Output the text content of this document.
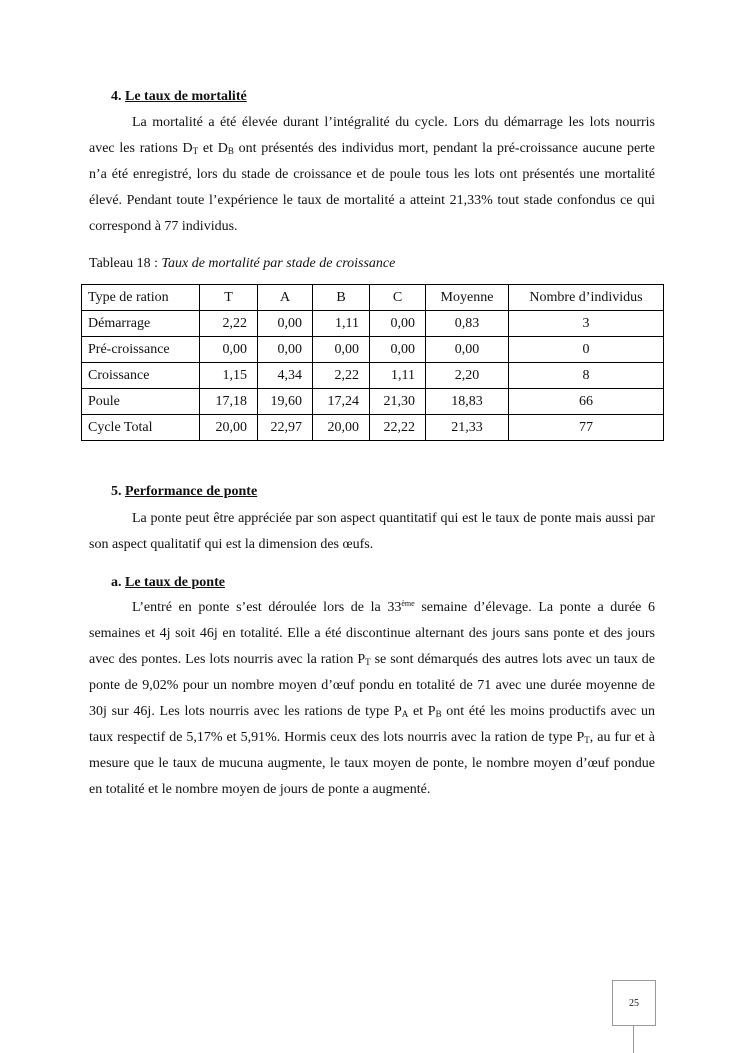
4. Le taux de mortalité
La mortalité a été élevée durant l’intégralité du cycle. Lors du démarrage les lots nourris avec les rations $D_T$ et $D_B$ ont présentés des individus mort, pendant la pré-croissance aucune perte n’a été enregistré, lors du stade de croissance et de poule tous les lots ont présentés une mortalité élevé. Pendant toute l’expérience le taux de mortalité a atteint 21,33% tout stade confondus ce qui correspond à 77 individus.
Tableau 18 : Taux de mortalité par stade de croissance
Type de ration	T	A	B	C	Moyenne	Nombre d’individus
Démarrage	2,22	0,00	1,11	0,00	0,83	3
Pré-croissance	0,00	0,00	0,00	0,00	0,00	0
Croissance	1,15	4,34	2,22	1,11	2,20	8
Poule	17,18	19,60	17,24	21,30	18,83	66
Cycle Total	20,00	22,97	20,00	22,22	21,33	77
5. Performance de ponte
La ponte peut être appréciée par son aspect quantitatif qui est le taux de ponte mais aussi par son aspect qualitatif qui est la dimension des œufs.
a. Le taux de ponte
L’entré en ponte s’est déroulée lors de la 33ème semaine d’élevage. La ponte a durée 6 semaines et 4j soit 46j en totalité. Elle a été discontinue alternant des jours sans ponte et des jours avec des pontes. Les lots nourris avec la ration $P_T$ se sont démarqués des autres lots avec un taux de ponte de 9,02% pour un nombre moyen d’œuf pondu en totalité de 71 avec une durée moyenne de 30j sur 46j. Les lots nourris avec les rations de type $P_A$ et $P_B$ ont été les moins productifs avec un taux respectif de 5,17% et 5,91%. Hormis ceux des lots nourris avec la ration de type $P_T$, au fur et à mesure que le taux de mucuna augmente, le taux moyen de ponte, le nombre moyen d’œuf pondue en totalité et le nombre moyen de jours de ponte a augmenté.
25
